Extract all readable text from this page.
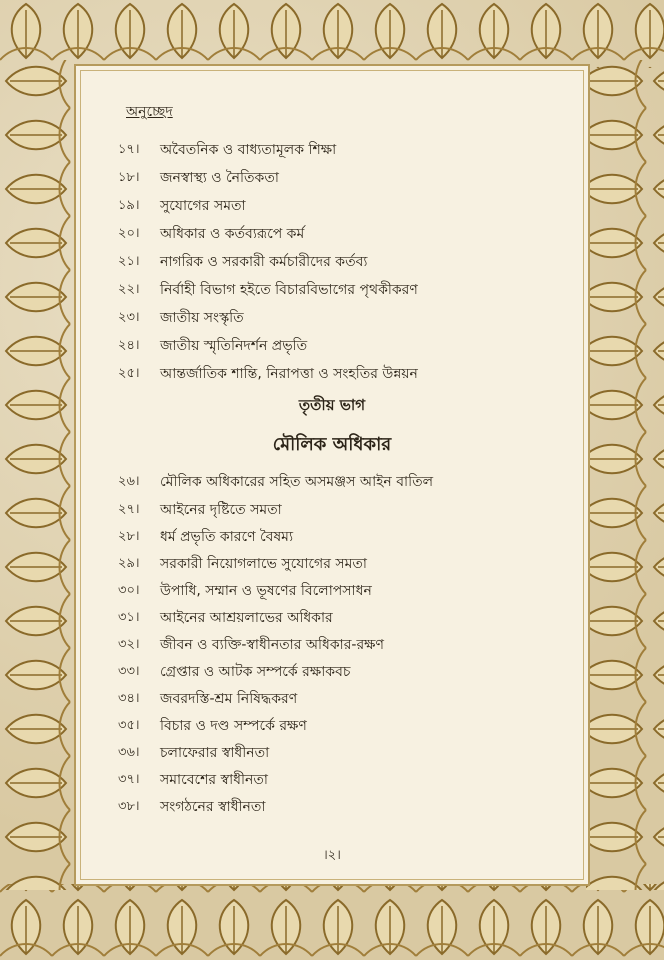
অনুচ্ছেদ
১৭।	অবৈতনিক ও বাধ্যতামূলক শিক্ষা
১৮।	জনস্বাস্থ্য ও নৈতিকতা
১৯।	সুযোগের সমতা
২০।	অধিকার ও কর্তব্যরূপে কর্ম
২১।	নাগরিক ও সরকারী কর্মচারীদের কর্তব্য
২২।	নির্বাহী বিভাগ হইতে বিচারবিভাগের পৃথকীকরণ
২৩।	জাতীয় সংস্কৃতি
২৪।	জাতীয় স্মৃতিনিদর্শন প্রভৃতি
২৫।	আন্তর্জাতিক শান্তি, নিরাপত্তা ও সংহতির উন্নয়ন
তৃতীয় ভাগ
মৌলিক অধিকার
২৬।	মৌলিক অধিকারের সহিত অসমঞ্জস আইন বাতিল
২৭।	আইনের দৃষ্টিতে সমতা
২৮।	ধর্ম প্রভৃতি কারণে বৈষম্য
২৯।	সরকারী নিয়োগলাভে সুযোগের সমতা
৩০।	উপাধি, সম্মান ও ভূষণের বিলোপসাধন
৩১।	আইনের আশ্রয়লাভের অধিকার
৩২।	জীবন ও ব্যক্তি-স্বাধীনতার অধিকার-রক্ষণ
৩৩।	গ্রেপ্তার ও আটক সম্পর্কে রক্ষাকবচ
৩৪।	জবরদস্তি-শ্রম নিষিদ্ধকরণ
৩৫।	বিচার ও দণ্ড সম্পর্কে রক্ষণ
৩৬।	চলাফেরার স্বাধীনতা
৩৭।	সমাবেশের স্বাধীনতা
৩৮।	সংগঠনের স্বাধীনতা
।২।
